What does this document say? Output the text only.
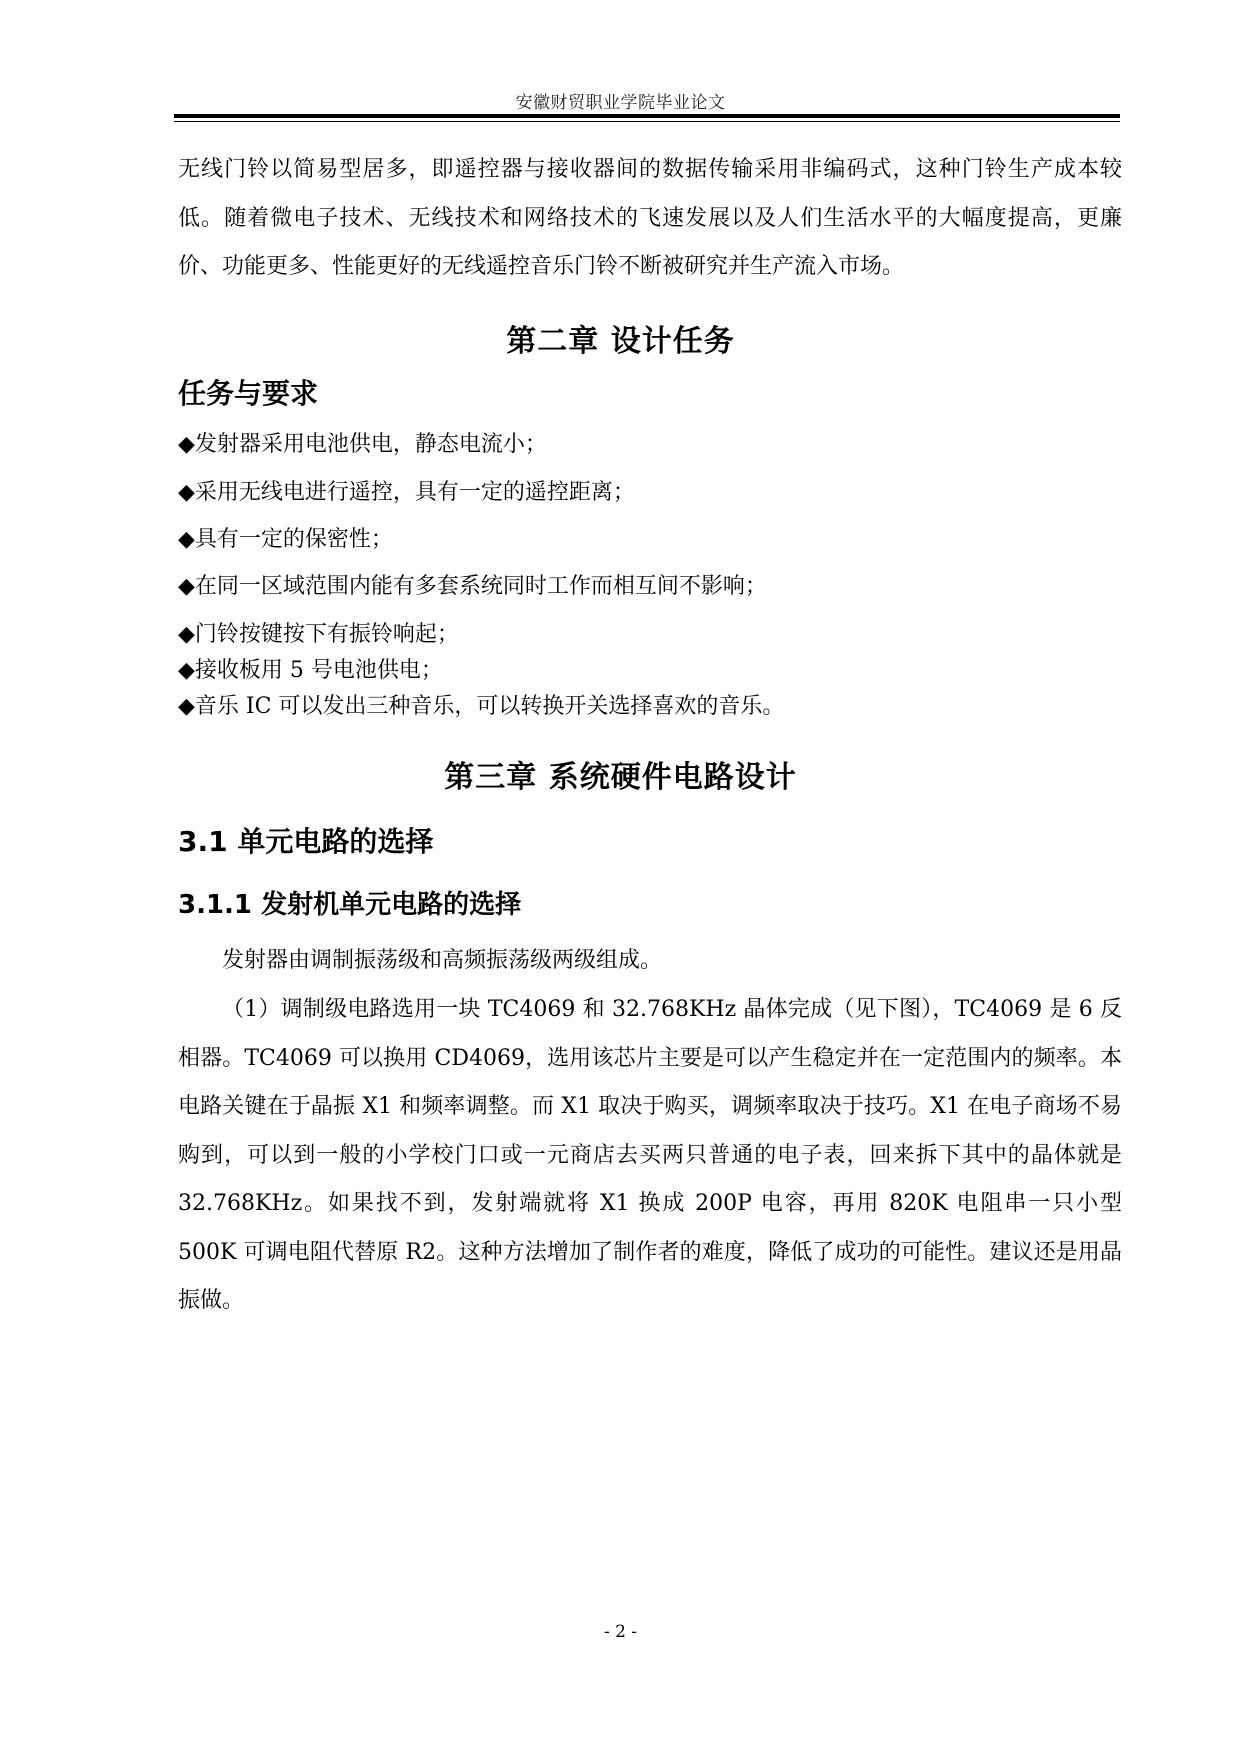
安徽财贸职业学院毕业论文
无线门铃以简易型居多，即遥控器与接收器间的数据传输采用非编码式，这种门铃生产成本较低。随着微电子技术、无线技术和网络技术的飞速发展以及人们生活水平的大幅度提高，更廉价、功能更多、性能更好的无线遥控音乐门铃不断被研究并生产流入市场。
第二章 设计任务
任务与要求
◆发射器采用电池供电，静态电流小；
◆采用无线电进行遥控，具有一定的遥控距离；
◆具有一定的保密性；
◆在同一区域范围内能有多套系统同时工作而相互间不影响；
◆门铃按键按下有振铃响起；
◆接收板用 5 号电池供电；
◆音乐 IC 可以发出三种音乐，可以转换开关选择喜欢的音乐。
第三章 系统硬件电路设计
3.1 单元电路的选择
3.1.1 发射机单元电路的选择
发射器由调制振荡级和高频振荡级两级组成。
（1）调制级电路选用一块 TC4069 和 32.768KHz 晶体完成（见下图），TC4069 是 6 反相器。TC4069 可以换用 CD4069，选用该芯片主要是可以产生稳定并在一定范围内的频率。本电路关键在于晶振 X1 和频率调整。而 X1 取决于购买，调频率取决于技巧。X1 在电子商场不易购到，可以到一般的小学校门口或一元商店去买两只普通的电子表，回来拆下其中的晶体就是 32.768KHz。如果找不到，发射端就将 X1 换成 200P 电容，再用 820K 电阻串一只小型 500K 可调电阻代替原 R2。这种方法增加了制作者的难度，降低了成功的可能性。建议还是用晶振做。
- 2 -
